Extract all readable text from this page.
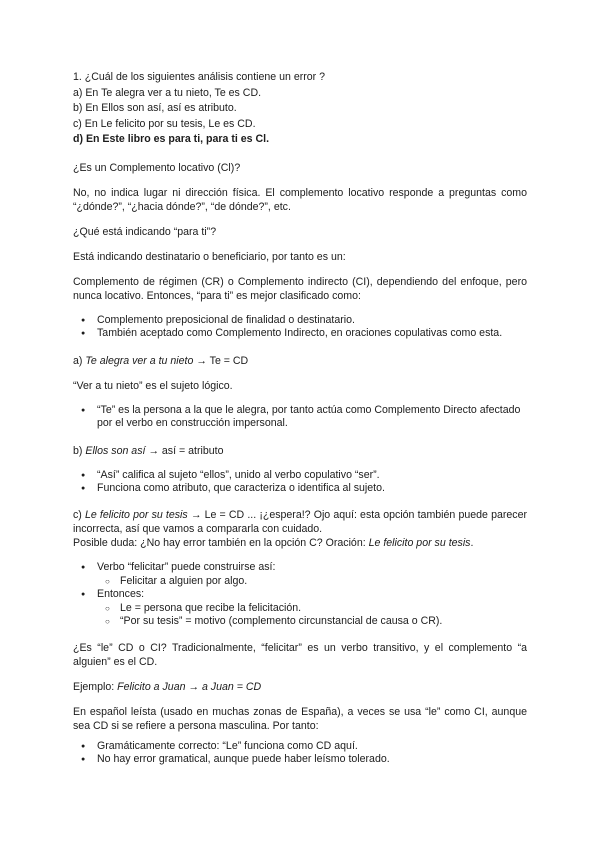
1. ¿Cuál de los siguientes análisis contiene un error ?

a) En Te alegra ver a tu nieto, Te es CD.

b) En Ellos son así, así es atributo.

c) En Le felicito por su tesis, Le es CD.

d) En Este libro es para ti, para ti es Cl.

¿Es un Complemento locativo (Cl)?

No, no indica lugar ni dirección física. El complemento locativo responde a preguntas como “¿dónde?”, “¿hacia dónde?”, “de dónde?”, etc.

¿Qué está indicando “para ti”?

Está indicando destinatario o beneficiario, por tanto es un:

Complemento de régimen (CR) o Complemento indirecto (CI), dependiendo del enfoque, pero nunca locativo. Entonces, “para ti” es mejor clasificado como:

● Complemento preposicional de finalidad o destinatario.
● También aceptado como Complemento Indirecto, en oraciones copulativas como esta.

a) Te alegra ver a tu nieto → Te = CD

“Ver a tu nieto” es el sujeto lógico.

● “Te” es la persona a la que le alegra, por tanto actúa como Complemento Directo afectado por el verbo en construcción impersonal.

b) Ellos son así → así = atributo

● “Así” califica al sujeto “ellos”, unido al verbo copulativo “ser”.
● Funciona como atributo, que caracteriza o identifica al sujeto.

c) Le felicito por su tesis → Le = CD ... ¡¿espera!? Ojo aquí: esta opción también puede parecer incorrecta, así que vamos a compararla con cuidado.

Posible duda: ¿No hay error también en la opción C? Oración: Le felicito por su tesis.

● Verbo “felicitar” puede construirse así:
○ Felicitar a alguien por algo.
● Entonces:
○ Le = persona que recibe la felicitación.
○ “Por su tesis” = motivo (complemento circunstancial de causa o CR).

¿Es “le” CD o CI? Tradicionalmente, “felicitar” es un verbo transitivo, y el complemento “a alguien” es el CD.

Ejemplo: Felicito a Juan → a Juan = CD

En español leísta (usado en muchas zonas de España), a veces se usa “le” como CI, aunque sea CD si se refiere a persona masculina. Por tanto:

● Gramáticamente correcto: “Le” funciona como CD aquí.
● No hay error gramatical, aunque puede haber leísmo tolerado.
